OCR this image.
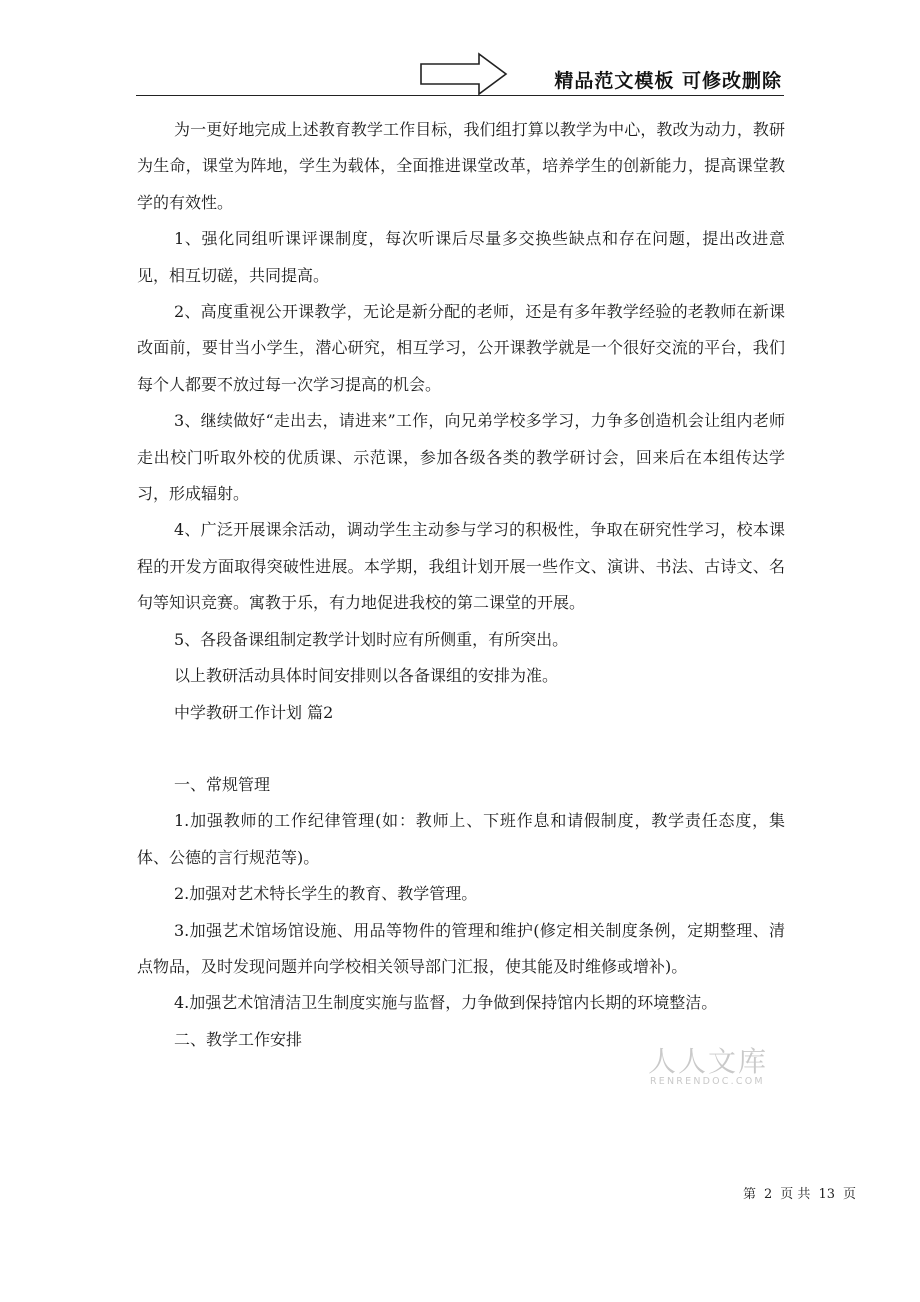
精品范文模板 可修改删除

为一更好地完成上述教育教学工作目标，我们组打算以教学为中心，教改为动力，教研为生命，课堂为阵地，学生为载体，全面推进课堂改革，培养学生的创新能力，提高课堂教学的有效性。

1、强化同组听课评课制度，每次听课后尽量多交换些缺点和存在问题，提出改进意见，相互切磋，共同提高。

2、高度重视公开课教学，无论是新分配的老师，还是有多年教学经验的老教师在新课改面前，要甘当小学生，潜心研究，相互学习，公开课教学就是一个很好交流的平台，我们每个人都要不放过每一次学习提高的机会。

3、继续做好“走出去，请进来”工作，向兄弟学校多学习，力争多创造机会让组内老师走出校门听取外校的优质课、示范课，参加各级各类的教学研讨会，回来后在本组传达学习，形成辐射。

4、广泛开展课余活动，调动学生主动参与学习的积极性，争取在研究性学习，校本课程的开发方面取得突破性进展。本学期，我组计划开展一些作文、演讲、书法、古诗文、名句等知识竞赛。寓教于乐，有力地促进我校的第二课堂的开展。

5、各段备课组制定教学计划时应有所侧重，有所突出。

以上教研活动具体时间安排则以各备课组的安排为准。

中学教研工作计划 篇2

一、常规管理

1.加强教师的工作纪律管理(如：教师上、下班作息和请假制度，教学责任态度，集体、公德的言行规范等)。

2.加强对艺术特长学生的教育、教学管理。

3.加强艺术馆场馆设施、用品等物件的管理和维护(修定相关制度条例，定期整理、清点物品，及时发现问题并向学校相关领导部门汇报，使其能及时维修或增补)。

4.加强艺术馆清洁卫生制度实施与监督，力争做到保持馆内长期的环境整洁。

二、教学工作安排

人人文库
RENRENDOC.COM
第 2 页 共 13 页
